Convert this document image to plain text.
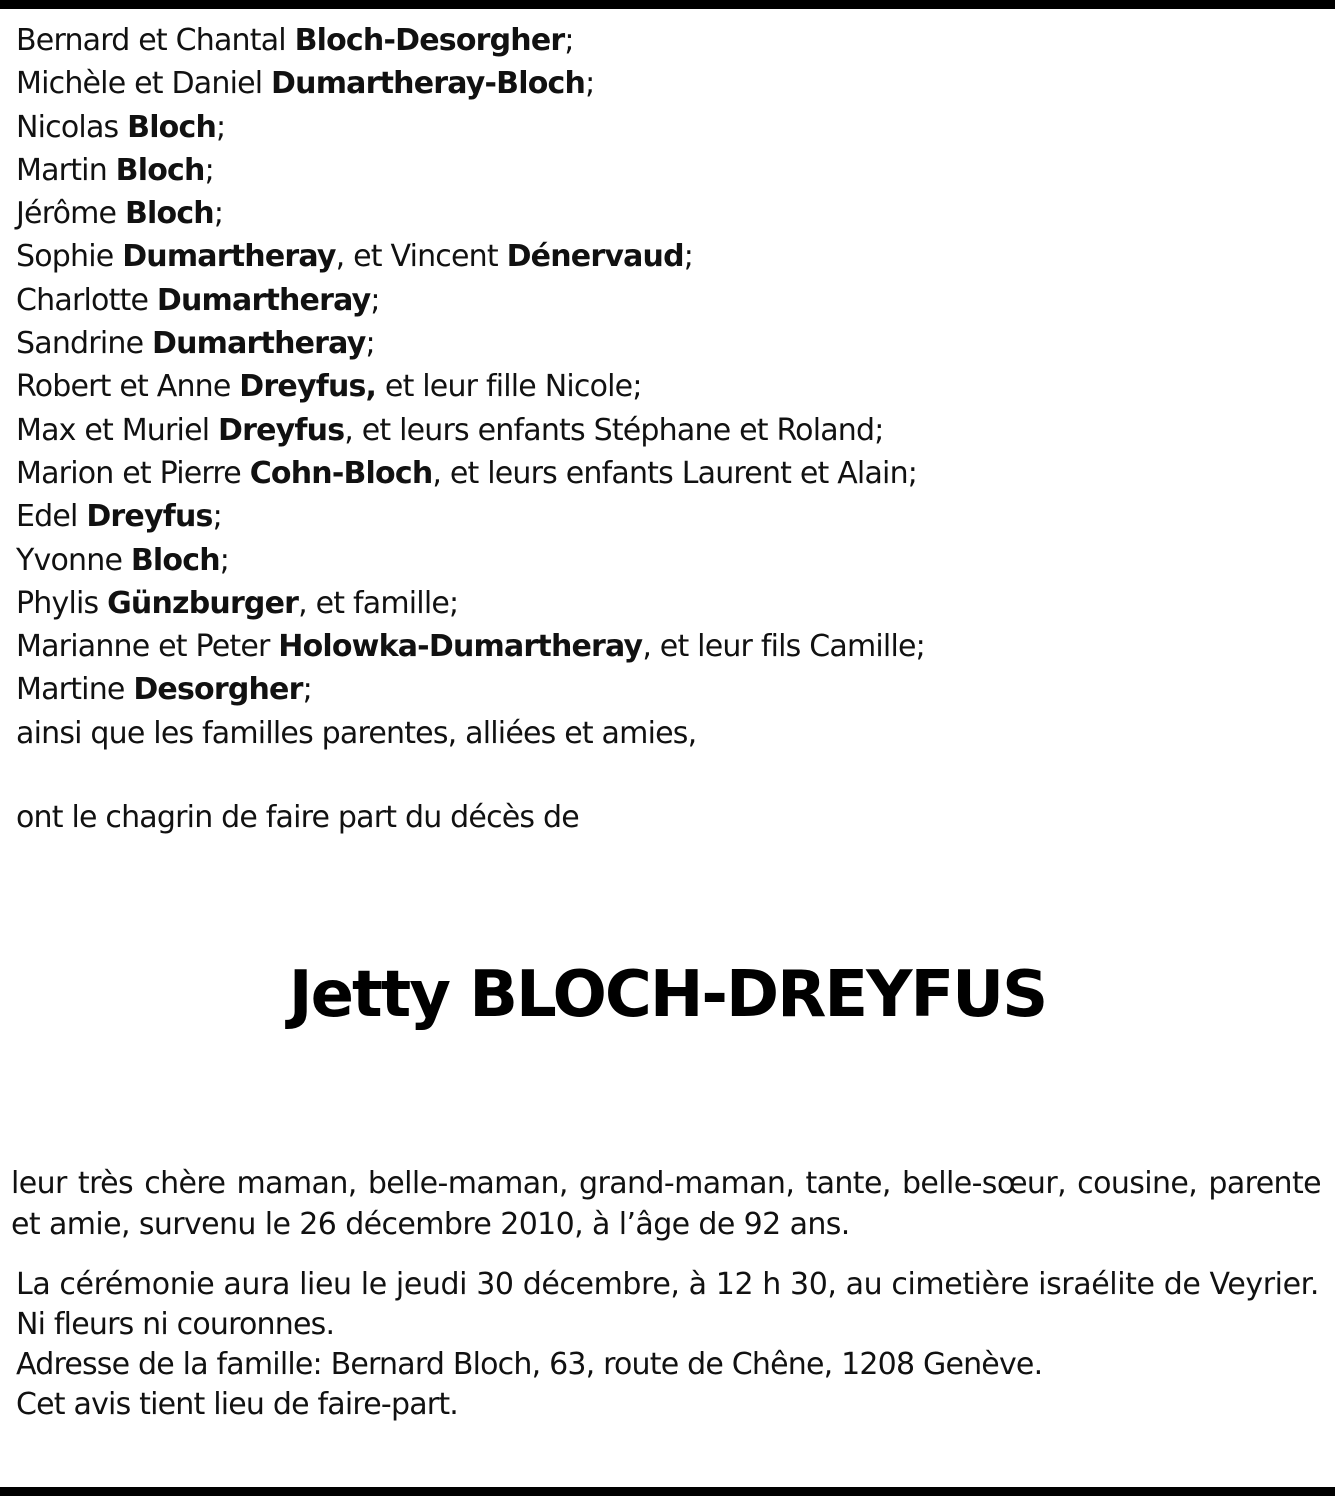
Bernard et Chantal Bloch-Desorgher;
Michèle et Daniel Dumartheray-Bloch;
Nicolas Bloch;
Martin Bloch;
Jérôme Bloch;
Sophie Dumartheray, et Vincent Dénervaud;
Charlotte Dumartheray;
Sandrine Dumartheray;
Robert et Anne Dreyfus, et leur fille Nicole;
Max et Muriel Dreyfus, et leurs enfants Stéphane et Roland;
Marion et Pierre Cohn-Bloch, et leurs enfants Laurent et Alain;
Edel Dreyfus;
Yvonne Bloch;
Phylis Günzburger, et famille;
Marianne et Peter Holowka-Dumartheray, et leur fils Camille;
Martine Desorgher;
ainsi que les familles parentes, alliées et amies,
ont le chagrin de faire part du décès de
Jetty BLOCH-DREYFUS
leur très chère maman, belle-maman, grand-maman, tante, belle-sœur, cousine, parente et amie, survenu le 26 décembre 2010, à l’âge de 92 ans.
La cérémonie aura lieu le jeudi 30 décembre, à 12 h 30, au cimetière israélite de Veyrier.
Ni fleurs ni couronnes.
Adresse de la famille: Bernard Bloch, 63, route de Chêne, 1208 Genève.
Cet avis tient lieu de faire-part.
